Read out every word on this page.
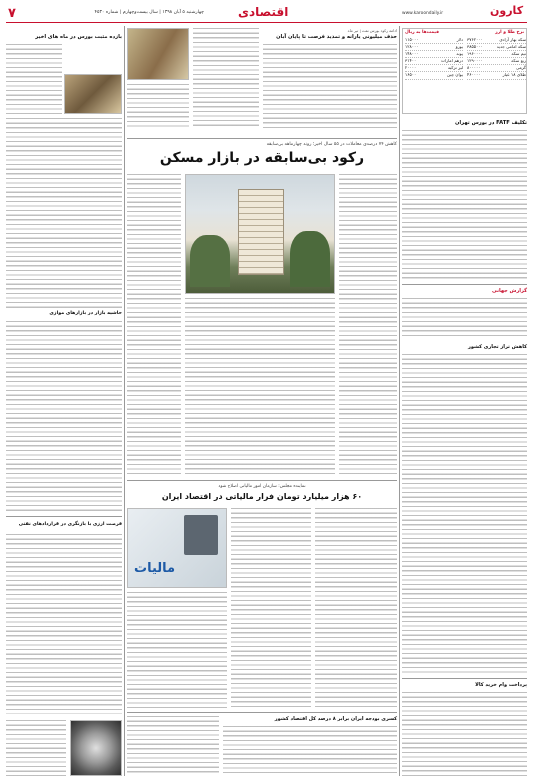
۷	چهارشنبه ۵ آبان ۱۳۹۸ | سال بیست‌وچهارم | شماره ۴۵۳۰	اقتصادی	کارون
www.karoondaily.ir
بازده مثبت بورس در ماه های اخیر
حاشیه بازار در بازارهای موازی
فرصت ارزی با بازنگری در قراردادهای نفتی
ادامه رکود بورس نفت | تیر ماه
حذف میلیونی یارانه و تمدید فرصت تا پایان آبان
کاهش ۷۴ درصدی معاملات در ۵۵ سال اخیر؛ روند چهارماهه بی‌سابقه
رکود بی‌سابقه در بازار مسکن
نماینده مجلس: سازمان امور مالیاتی اصلاح شود
۶۰ هزار میلیارد تومان فرار مالیاتی در اقتصاد ایران
مالیات
کسری بودجه ایران برابر ۸ درصد کل اقتصاد کشور
قیمت‌ها به ریال	نرخ طلا و ارز
دلار
۱۱۵۰۰۰
یورو
۱۲۸۰۰۰
پوند
۱۴۸۰۰۰
درهم امارات
۳۱۴۰۰
لیر ترکیه
۲۰۰۰۰
یوان چین
۱۶۵۰۰
سکه بهار آزادی
۳۷۶۲۰۰۰
سکه امامی جدید
۳۸۵۵۰۰۰
نیم سکه
۱۹۶۰۰۰۰
ربع سکه
۱۲۹۰۰۰۰
گرمی
۸۰۰۰۰۰
طلای ۱۸ عیار
۴۶۰۰۰۰
تکلیف FATF در بورس تهران
گزارش جهانی
کاهش تراز تجاری کشور
پرداخت وام خرید کالا
